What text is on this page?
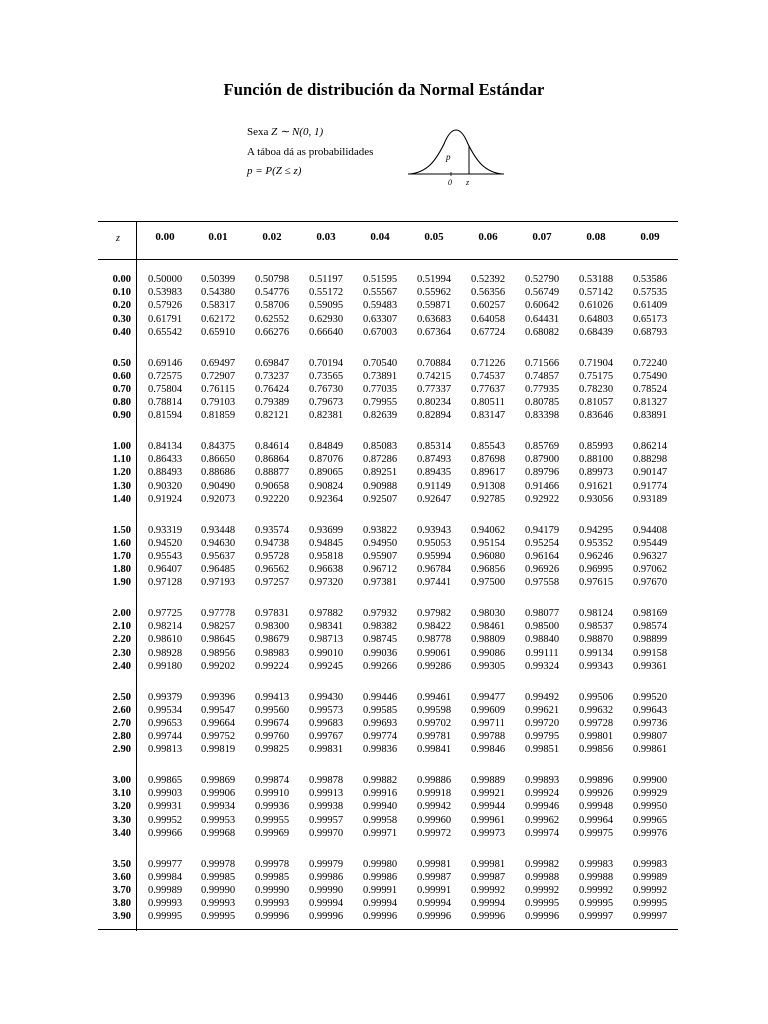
Función de distribución da Normal Estándar
Sexa Z ∼ N(0, 1)
A táboa dá as probabilidades
p = P(Z ≤ z)
p
0 z
z	0.00	0.01	0.02	0.03	0.04	0.05	0.06	0.07	0.08	0.09
0.00	0.50000	0.50399	0.50798	0.51197	0.51595	0.51994	0.52392	0.52790	0.53188	0.53586
0.10	0.53983	0.54380	0.54776	0.55172	0.55567	0.55962	0.56356	0.56749	0.57142	0.57535
0.20	0.57926	0.58317	0.58706	0.59095	0.59483	0.59871	0.60257	0.60642	0.61026	0.61409
0.30	0.61791	0.62172	0.62552	0.62930	0.63307	0.63683	0.64058	0.64431	0.64803	0.65173
0.40	0.65542	0.65910	0.66276	0.66640	0.67003	0.67364	0.67724	0.68082	0.68439	0.68793
0.50	0.69146	0.69497	0.69847	0.70194	0.70540	0.70884	0.71226	0.71566	0.71904	0.72240
0.60	0.72575	0.72907	0.73237	0.73565	0.73891	0.74215	0.74537	0.74857	0.75175	0.75490
0.70	0.75804	0.76115	0.76424	0.76730	0.77035	0.77337	0.77637	0.77935	0.78230	0.78524
0.80	0.78814	0.79103	0.79389	0.79673	0.79955	0.80234	0.80511	0.80785	0.81057	0.81327
0.90	0.81594	0.81859	0.82121	0.82381	0.82639	0.82894	0.83147	0.83398	0.83646	0.83891
1.00	0.84134	0.84375	0.84614	0.84849	0.85083	0.85314	0.85543	0.85769	0.85993	0.86214
1.10	0.86433	0.86650	0.86864	0.87076	0.87286	0.87493	0.87698	0.87900	0.88100	0.88298
1.20	0.88493	0.88686	0.88877	0.89065	0.89251	0.89435	0.89617	0.89796	0.89973	0.90147
1.30	0.90320	0.90490	0.90658	0.90824	0.90988	0.91149	0.91308	0.91466	0.91621	0.91774
1.40	0.91924	0.92073	0.92220	0.92364	0.92507	0.92647	0.92785	0.92922	0.93056	0.93189
1.50	0.93319	0.93448	0.93574	0.93699	0.93822	0.93943	0.94062	0.94179	0.94295	0.94408
1.60	0.94520	0.94630	0.94738	0.94845	0.94950	0.95053	0.95154	0.95254	0.95352	0.95449
1.70	0.95543	0.95637	0.95728	0.95818	0.95907	0.95994	0.96080	0.96164	0.96246	0.96327
1.80	0.96407	0.96485	0.96562	0.96638	0.96712	0.96784	0.96856	0.96926	0.96995	0.97062
1.90	0.97128	0.97193	0.97257	0.97320	0.97381	0.97441	0.97500	0.97558	0.97615	0.97670
2.00	0.97725	0.97778	0.97831	0.97882	0.97932	0.97982	0.98030	0.98077	0.98124	0.98169
2.10	0.98214	0.98257	0.98300	0.98341	0.98382	0.98422	0.98461	0.98500	0.98537	0.98574
2.20	0.98610	0.98645	0.98679	0.98713	0.98745	0.98778	0.98809	0.98840	0.98870	0.98899
2.30	0.98928	0.98956	0.98983	0.99010	0.99036	0.99061	0.99086	0.99111	0.99134	0.99158
2.40	0.99180	0.99202	0.99224	0.99245	0.99266	0.99286	0.99305	0.99324	0.99343	0.99361
2.50	0.99379	0.99396	0.99413	0.99430	0.99446	0.99461	0.99477	0.99492	0.99506	0.99520
2.60	0.99534	0.99547	0.99560	0.99573	0.99585	0.99598	0.99609	0.99621	0.99632	0.99643
2.70	0.99653	0.99664	0.99674	0.99683	0.99693	0.99702	0.99711	0.99720	0.99728	0.99736
2.80	0.99744	0.99752	0.99760	0.99767	0.99774	0.99781	0.99788	0.99795	0.99801	0.99807
2.90	0.99813	0.99819	0.99825	0.99831	0.99836	0.99841	0.99846	0.99851	0.99856	0.99861
3.00	0.99865	0.99869	0.99874	0.99878	0.99882	0.99886	0.99889	0.99893	0.99896	0.99900
3.10	0.99903	0.99906	0.99910	0.99913	0.99916	0.99918	0.99921	0.99924	0.99926	0.99929
3.20	0.99931	0.99934	0.99936	0.99938	0.99940	0.99942	0.99944	0.99946	0.99948	0.99950
3.30	0.99952	0.99953	0.99955	0.99957	0.99958	0.99960	0.99961	0.99962	0.99964	0.99965
3.40	0.99966	0.99968	0.99969	0.99970	0.99971	0.99972	0.99973	0.99974	0.99975	0.99976
3.50	0.99977	0.99978	0.99978	0.99979	0.99980	0.99981	0.99981	0.99982	0.99983	0.99983
3.60	0.99984	0.99985	0.99985	0.99986	0.99986	0.99987	0.99987	0.99988	0.99988	0.99989
3.70	0.99989	0.99990	0.99990	0.99990	0.99991	0.99991	0.99992	0.99992	0.99992	0.99992
3.80	0.99993	0.99993	0.99993	0.99994	0.99994	0.99994	0.99994	0.99995	0.99995	0.99995
3.90	0.99995	0.99995	0.99996	0.99996	0.99996	0.99996	0.99996	0.99996	0.99997	0.99997
